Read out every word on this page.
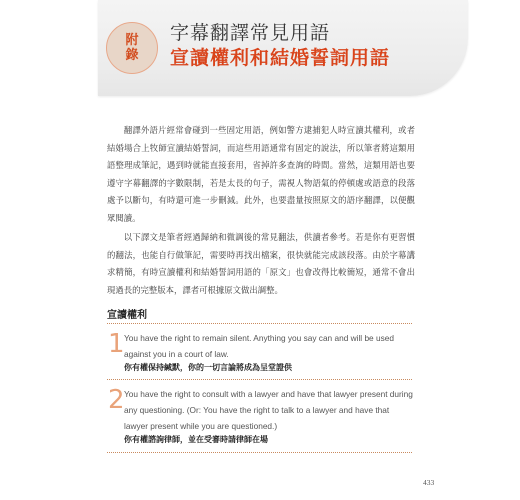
附
錄
字幕翻譯常見用語
宣讀權利和結婚誓詞用語

翻譯外語片經常會碰到一些固定用語，例如警方逮捕犯人時宣讀其權利，或者結婚場合上牧師宣讀結婚誓詞，而這些用語通常有固定的說法，所以筆者將這類用語整理成筆記，遇到時就能直接套用，省掉許多查詢的時間。當然，這類用語也要遵守字幕翻譯的字數限制，若是太長的句子，需視人物語氣的停頓處或語意的段落處予以斷句，有時還可進一步刪減。此外，也要盡量按照原文的語序翻譯，以便觀眾閱讀。

以下譯文是筆者經過歸納和微調後的常見翻法，供讀者參考。若是你有更習慣的翻法，也能自行做筆記，需要時再找出檔案，很快就能完成該段落。由於字幕講求精簡，有時宣讀權利和結婚誓詞用語的「原文」也會改得比較簡短，通常不會出現過長的完整版本，譯者可根據原文做出調整。

宣讀權利
1 You have the right to remain silent. Anything you say can and will be used against you in a court of law.

你有權保持緘默，你的一切言論將成為呈堂證供
2 You have the right to consult with a lawyer and have that lawyer present during any questioning. (Or: You have the right to talk to a lawyer and have that lawyer present while you are questioned.)

你有權諮詢律師，並在受審時請律師在場
433
